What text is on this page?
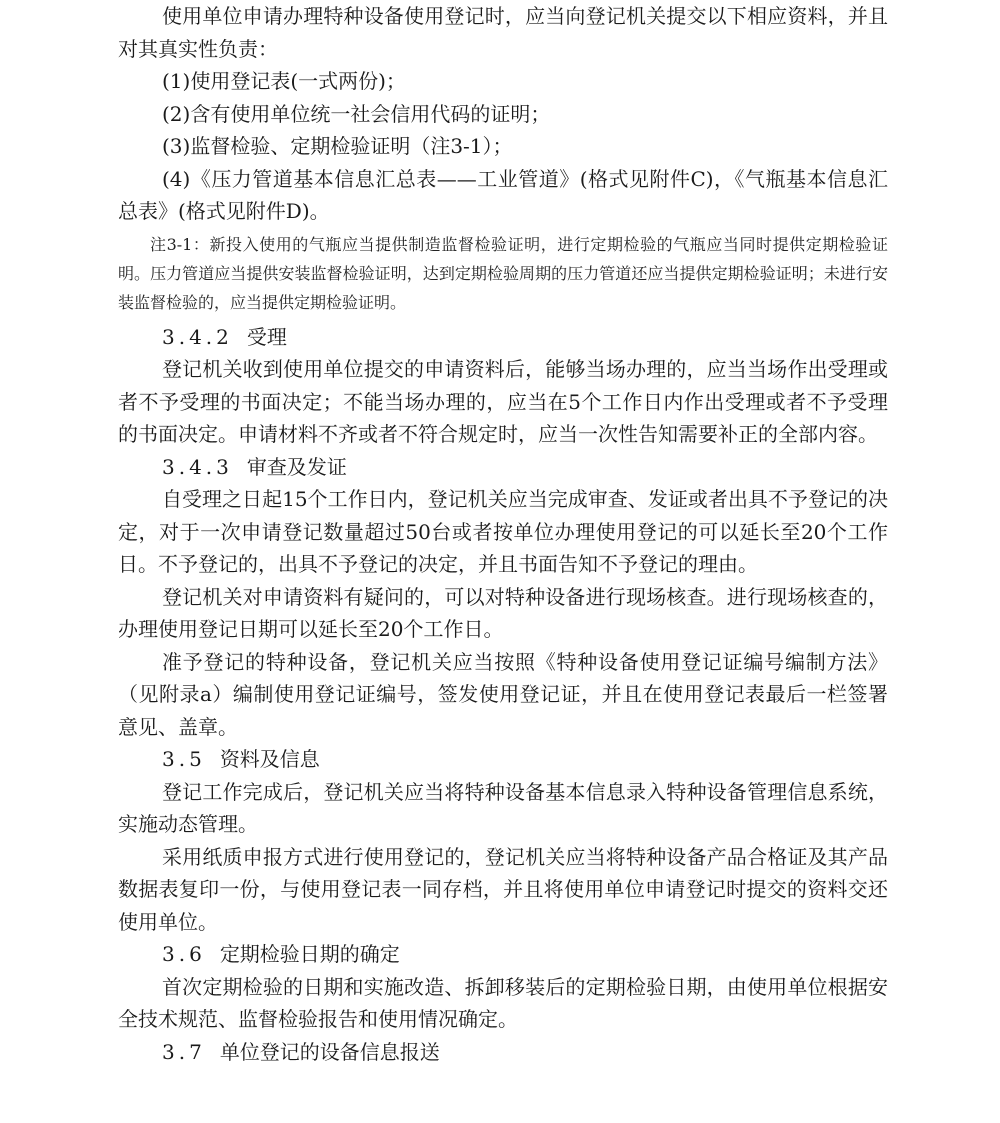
使用单位申请办理特种设备使用登记时，应当向登记机关提交以下相应资料，并且对其真实性负责：

(1)使用登记表(一式两份)；

(2)含有使用单位统一社会信用代码的证明；

(3)监督检验、定期检验证明（注3-1）；

(4)《压力管道基本信息汇总表——工业管道》(格式见附件C)，《气瓶基本信息汇总表》(格式见附件D)。

注3-1：新投入使用的气瓶应当提供制造监督检验证明，进行定期检验的气瓶应当同时提供定期检验证明。压力管道应当提供安装监督检验证明，达到定期检验周期的压力管道还应当提供定期检验证明；未进行安装监督检验的，应当提供定期检验证明。

3.4.2 受理

登记机关收到使用单位提交的申请资料后，能够当场办理的，应当当场作出受理或者不予受理的书面决定；不能当场办理的，应当在5个工作日内作出受理或者不予受理的书面决定。申请材料不齐或者不符合规定时，应当一次性告知需要补正的全部内容。

3.4.3 审查及发证

自受理之日起15个工作日内，登记机关应当完成审查、发证或者出具不予登记的决定，对于一次申请登记数量超过50台或者按单位办理使用登记的可以延长至20个工作日。不予登记的，出具不予登记的决定，并且书面告知不予登记的理由。

登记机关对申请资料有疑问的，可以对特种设备进行现场核查。进行现场核查的，办理使用登记日期可以延长至20个工作日。

准予登记的特种设备，登记机关应当按照《特种设备使用登记证编号编制方法》（见附录a）编制使用登记证编号，签发使用登记证，并且在使用登记表最后一栏签署意见、盖章。

3.5 资料及信息

登记工作完成后，登记机关应当将特种设备基本信息录入特种设备管理信息系统，实施动态管理。

采用纸质申报方式进行使用登记的，登记机关应当将特种设备产品合格证及其产品数据表复印一份，与使用登记表一同存档，并且将使用单位申请登记时提交的资料交还使用单位。

3.6 定期检验日期的确定

首次定期检验的日期和实施改造、拆卸移装后的定期检验日期，由使用单位根据安全技术规范、监督检验报告和使用情况确定。

3.7 单位登记的设备信息报送
